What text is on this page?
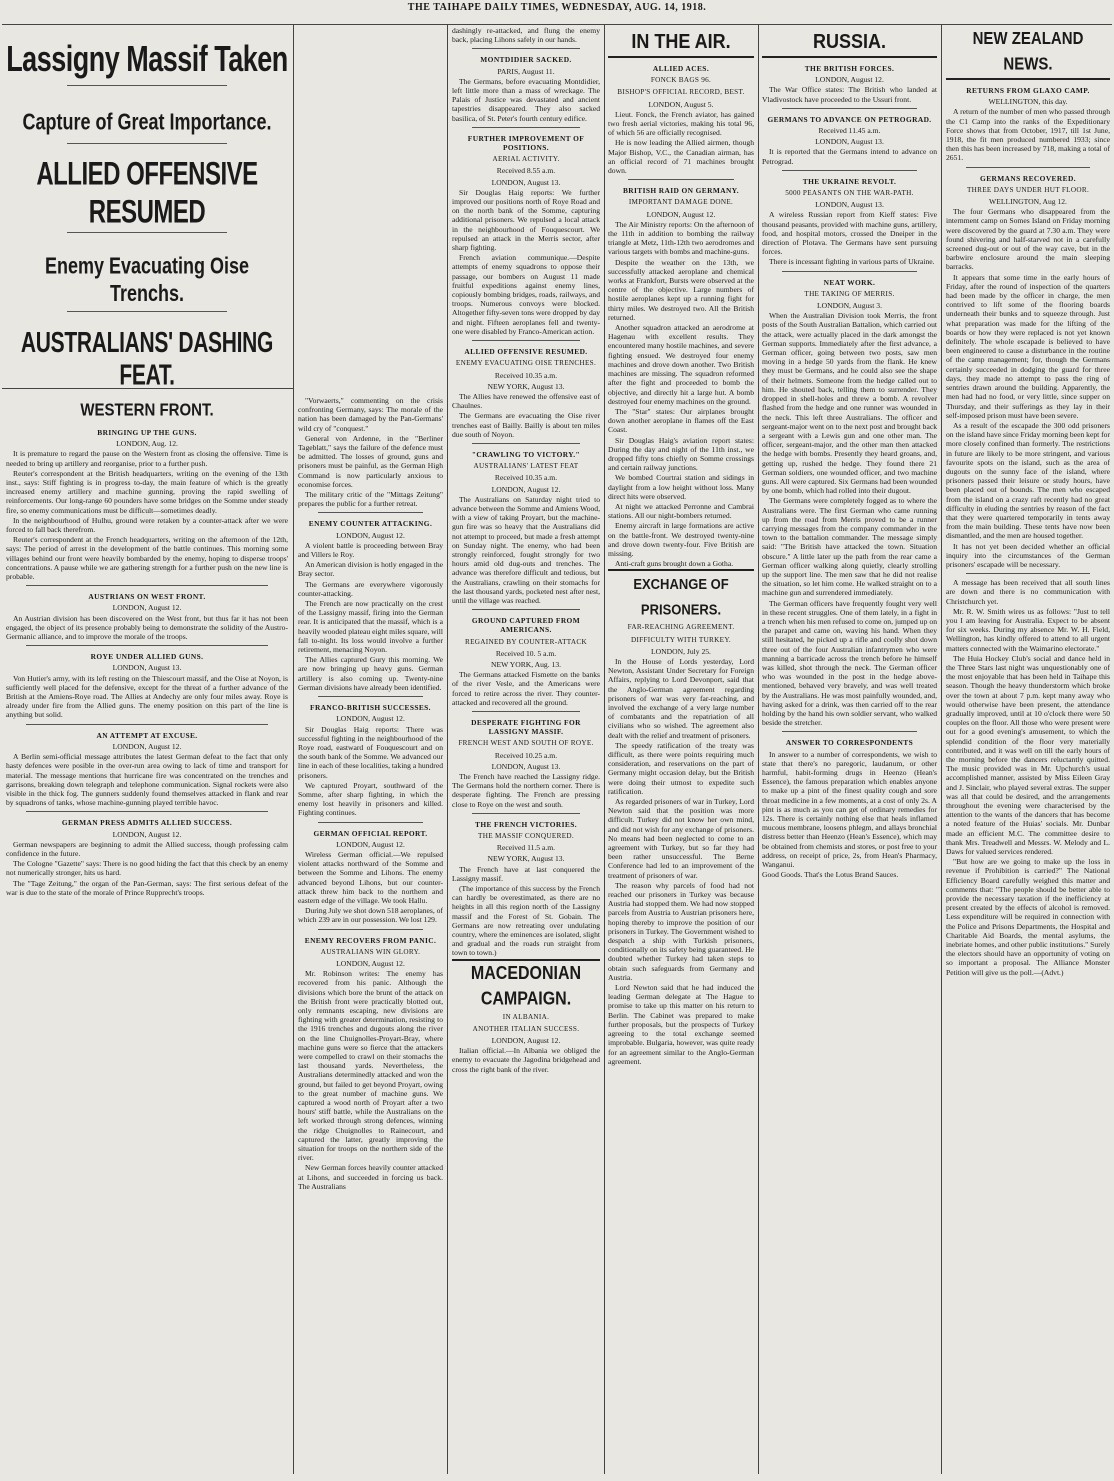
THE TAIHAPE DAILY TIMES, WEDNESDAY, AUG. 14, 1918.
Lassigny Massif Taken
Capture of Great Importance.
ALLIED OFFENSIVE RESUMED
Enemy Evacuating Oise Trenchs.
AUSTRALIANS' DASHING FEAT.
WESTERN FRONT.
BRINGING UP THE GUNS.

LONDON, Aug. 12.

It is premature to regard the pause on the Western front as closing the offensive. Time is needed to bring up artillery and reorganise, prior to a further push.

Reuter's correspondent at the British headquarters, writing on the evening of the 13th inst., says: Stiff fighting is in progress to-day, the main feature of which is the greatly increased enemy artillery and machine gunning, proving the rapid swelling of reinforcements. Our long-range 60 pounders have some bridges on the Somme under steady fire, so enemy communications must be difficult—sometimes deadly.

In the neighbourhood of Hulhu, ground were retaken by a counter-attack after we were forced to fall back therefrom.

Reuter's correspondent at the French headquarters, writing on the afternoon of the 12th, says: The period of arrest in the development of the battle continues. This morning some villages behind our front were heavily bombarded by the enemy, hoping to disperse troops' concentrations. A pause while we are gathering strength for a further push on the new line is probable.

AUSTRIANS ON WEST FRONT.

LONDON, August 12.

An Austrian division has been discovered on the West front, but thus far it has not been engaged, the object of its presence probably being to demonstrate the solidity of the Austro-Germanic alliance, and to improve the morale of the troops.

ROYE UNDER ALLIED GUNS.

LONDON, August 13.

Von Hutier's army, with its left resting on the Thiescourt massif, and the Oise at Noyon, is sufficiently well placed for the defensive, except for the threat of a further advance of the British at the Amiens-Roye road. The Allies at Andechy are only four miles away. Roye is already under fire from the Allied guns. The enemy position on this part of the line is anything but solid.

AN ATTEMPT AT EXCUSE.

LONDON, August 12.

A Berlin semi-official message attributes the latest German defeat to the fact that only hasty defences were posible in the over-run area owing to lack of time and transport for material. The message mentions that hurricane fire was concentrated on the trenches and garrisons, breaking down telegraph and telephone communication. Signal rockets were also visible in the thick fog. The gunners suddenly found themselves attacked in flank and rear by squadrons of tanks, whose machine-gunning played terrible havoc.

GERMAN PRESS ADMITS ALLIED SUCCESS.

LONDON, August 12.

German newspapers are beginning to admit the Allied success, though professing calm confidence in the future.

The Cologne "Gazette" says: There is no good hiding the fact that this check by an enemy not numerically stronger, hits us hard.

The "Tage Zeitung," the organ of the Pan-German, says: The first serious defeat of the war is due to the state of the morale of Prince Rupprecht's troops.

"Vorwaerts," commenting on the crisis confronting Germany, says: The morale of the nation has been damaged by the Pan-Germans' wild cry of "conquest."

General von Ardenne, in the "Berliner Tageblatt," says the failure of the defence must be admitted. The losses of ground, guns and prisoners must be painful, as the German High Command is now particularly anxious to economise forces.

The military critic of the "Mittags Zeitung" prepares the public for a further retreat.

ENEMY COUNTER ATTACKING.

LONDON, August 12.

A violent battle is proceeding between Bray and Villers le Roy.

An American division is hotly engaged in the Bray sector.

The Germans are everywhere vigorously counter-attacking.

The French are now practically on the crest of the Lassigny massif, firing into the German rear. It is anticipated that the massif, which is a heavily wooded plateau eight miles square, will fall to-night. Its loss would involve a further retirement, menacing Noyon.

The Allies captured Gury this morning. We are now bringing up heavy guns. German artillery is also coming up. Twenty-nine German divisions have already been identified.

FRANCO-BRITISH SUCCESSES.

LONDON, August 12.

Sir Douglas Haig reports: There was successful fighting in the neighbourhood of the Roye road, eastward of Fouquescourt and on the south bank of the Somme. We advanced our line in each of these localities, taking a hundred prisoners.

We captured Proyart, southward of the Somme, after sharp fighting, in which the enemy lost heavily in prisoners and killed. Fighting continues.

GERMAN OFFICIAL REPORT.

LONDON, August 12.

Wireless German official.—We repulsed violent attacks northward of the Somme and between the Somme and Lihons. The enemy advanced beyond Lihons, but our counter-attack threw him back to the northern and eastern edge of the village. We took Hallu.

During July we shot down 518 aeroplanes, of which 239 are in our possession. We lost 129.

ENEMY RECOVERS FROM PANIC.
AUSTRALIANS WIN GLORY.

LONDON, August 12.

Mr. Robinson writes: The enemy has recovered from his panic. Although the divisions which bore the brunt of the attack on the British front were practically blotted out, only remnants escaping, new divisions are fighting with greater determination, resisting to the 1916 trenches and dugouts along the river on the line Chuignolles-Proyart-Bray, where machine guns were so fierce that the attackers were compelled to crawl on their stomachs the last thousand yards. Nevertheless, the Australians determinedly attacked and won the ground, but failed to get beyond Proyart, owing to the great number of machine guns. We captured a wood north of Proyart after a two hours' stiff battle, while the Australians on the left worked through strong defences, winning the ridge Chuignolles to Rainecourt, and captured the latter, greatly improving the situation for troops on the northern side of the river.

New German forces heavily counter attacked at Lihons, and succeeded in forcing us back. The Australians

dashingly re-attacked, and flung the enemy back, placing Lihons safely in our hands.

MONTDIDIER SACKED.

PARIS, August 11.

The Germans, before evacuating Montdidier, left little more than a mass of wreckage. The Palais of Justice was devastated and ancient tapestries disappeared. They also sacked basilica, of St. Peter's fourth century edifice.

FURTHER IMPROVEMENT OF POSITIONS.
AERIAL ACTIVITY.

Received 8.55 a.m.

LONDON, August 13.

Sir Douglas Haig reports: We further improved our positions north of Roye Road and on the north bank of the Somme, capturing additional prisoners. We repulsed a local attack in the neighbourhood of Fouquescourt. We repulsed an attack in the Merris sector, after sharp fighting.

French aviation communique.—Despite attempts of enemy squadrons to oppose their passage, our bombers on August 11 made fruitful expeditions against enemy lines, copiously bombing bridges, roads, railways, and troops. Numerous convoys were blocked. Altogether fifty-seven tons were dropped by day and night. Fifteen aeroplanes fell and twenty-one were disabled by Franco-American action.

ALLIED OFFENSIVE RESUMED.
ENEMY EVACUATING OISE TRENCHES.

Received 10.35 a.m.

NEW YORK, August 13.

The Allies have renewed the offensive east of Chaulnes.

The Germans are evacuating the Oise river trenches east of Bailly. Bailly is about ten miles due south of Noyon.

"CRAWLING TO VICTORY."
AUSTRALIANS' LATEST FEAT

Received 10.35 a.m.

LONDON, August 12.

The Australians on Saturday night tried to advance between the Somme and Amiens Wood, with a view of taking Proyart, but the machine-gun fire was so heavy that the Australians did not attempt to proceed, but made a fresh attempt on Sunday night. The enemy, who had been strongly reinforced, fought strongly for two hours amid old dug-outs and trenches. The advance was therefore difficult and tedious, but the Australians, crawling on their stomachs for the last thousand yards, pocketed nest after nest, until the village was reached.

GROUND CAPTURED FROM AMERICANS.
REGAINED BY COUNTER-ATTACK

Received 10. 5 a.m.

NEW YORK, Aug. 13.

The Germans attacked Fismette on the banks of the river Vesle, and the Americans were forced to retire across the river. They counter-attacked and recovered all the ground.

DESPERATE FIGHTING FOR LASSIGNY MASSIF.
FRENCH WEST AND SOUTH OF ROYE.

Received 10.25 a.m.

LONDON, August 13.

The French have reached the Lassigny ridge. The Germans hold the northern corner. There is desperate fighting. The French are pressing close to Roye on the west and south.

THE FRENCH VICTORIES.
THE MASSIF CONQUERED.

Received 11.5 a.m.

NEW YORK, August 13.

The French have at last conquered the Lassigny massif.

(The importance of this success by the French can hardly be overestimated, as there are no heights in all this region north of the Lassigny massif and the Forest of St. Gobain. The Germans are now retreating over undulating country, where the eminences are isolated, slight and gradual and the roads run straight from town to town.)

MACEDONIAN CAMPAIGN.
IN ALBANIA.
ANOTHER ITALIAN SUCCESS.

LONDON, August 12.

Italian official.—In Albania we obliged the enemy to evacuate the Jagodina bridgehead and cross the right bank of the river.

NEW ZEALAND NEWS.
RETURNS FROM GLAXO CAMP.

WELLINGTON, this day.

A return of the number of men who passed through the C1 Camp into the ranks of the Expeditionary Force shows that from October, 1917, till 1st June, 1918, the fit men produced numbered 1933; since then this has been increased by 718, making a total of 2651.

GERMANS RECOVERED.
THREE DAYS UNDER HUT FLOOR.

WELLINGTON, Aug 12.

The four Germans who disappeared from the internment camp on Somes Island on Friday morning were discovered by the guard at 7.30 a.m. They were found shivering and half-starved not in a carefully screened dug-out or out of the way cave, but in the barbwire enclosure around the main sleeping barracks.

It appears that some time in the early hours of Friday, after the round of inspection of the quarters had been made by the officer in charge, the men contrived to lift some of the flooring boards underneath their bunks and to squeeze through. Just what preparation was made for the lifting of the boards or how they were replaced is not yet known definitely. The whole escapade is believed to have been engineered to cause a disturbance in the routine of the camp management; for, though the Germans certainly succeeded in dodging the guard for three days, they made no attempt to pass the ring of sentries drawn around the building. Apparently, the men had had no food, or very little, since supper on Thursday, and their sufferings as they lay in their self-imposed prison must have been severe.

As a result of the escapade the 300 odd prisoners on the island have since Friday morning been kept for more closely confined than formerly. The restrictions in future are likely to be more stringent, and various favourite spots on the island, such as the area of dugouts on the sunny face of the island, where prisoners passed their leisure or study hours, have been placed out of bounds. The men who escaped from the island on a crazy raft recently had no great difficulty in eluding the sentries by reason of the fact that they were quartered temporarily in tents away from the main building. These tents have now been dismantled, and the men are housed together.

It has not yet been decided whether an official inquiry into the circumstances of the German prisoners' escapade will be necessary.

A message has been received that all south lines are down and there is no communication with Christchurch yet.

Mr. R. W. Smith wires us as follows: "Just to tell you I am leaving for Australia. Expect to be absent for six weeks. During my absence Mr. W. H. Field, Wellington, has kindly offered to attend to all urgent matters connected with the Waimarino electorate."

The Huia Hockey Club's social and dance held in the Three Stars last night was unquestionably one of the most enjoyable that has been held in Taihape this season. Though the heavy thunderstorm which broke over the town at about 7 p.m. kept many away who would otherwise have been present, the attendance gradually improved, until at 10 o'clock there were 50 couples on the floor. All those who were present were out for a good evening's amusement, to which the splendid condition of the floor very materially contributed, and it was well on till the early hours of the morning before the dancers reluctantly quitted. The music provided was in Mr. Upchurch's usual accomplished manner, assisted by Miss Eileen Gray and J. Sinclair, who played several extras. The supper was all that could be desired, and the arrangements throughout the evening were characterised by the attention to the wants of the dancers that has become a noted feature of the Huias' socials. Mr. Dunbar made an efficient M.C. The committee desire to thank Mrs. Treadwell and Messrs. W. Melody and L. Daws for valued services rendered.

"But how are we going to make up the loss in revenue if Prohibition is carried?" The National Efficiency Board carefully weighed this matter and comments that: "The people should be better able to provide the necessary taxation if the inefficiency at present created by the effects of alcohol is removed. Less expenditure will be required in connection with the Police and Prisons Departments, the Hospital and Charitable Aid Boards, the mental asylums, the inebriate homes, and other public institutions." Surely the electors should have an opportunity of voting on so important a proposal. The Alliance Monster Petition will give us the poll.—(Advt.)

RUSSIA.
THE BRITISH FORCES.

LONDON, August 12.

The War Office states: The British who landed at Vladivostock have proceeded to the Ussuri front.

GERMANS TO ADVANCE ON PETROGRAD.

Received 11.45 a.m.

LONDON, August 13.

It is reported that the Germans intend to advance on Petrograd.

THE UKRAINE REVOLT.
5000 PEASANTS ON THE WAR-PATH.

LONDON, August 13.

A wireless Russian report from Kieff states: Five thousand peasants, provided with machine guns, artillery, food, and hospital motors, crossed the Dneiper in the direction of Plotava. The Germans have sent pursuing forces.

There is incessant fighting in various parts of Ukraine.

NEAT WORK.
THE TAKING OF MERRIS.

LONDON, August 3.

When the Australian Division took Merris, the front posts of the South Australian Battalion, which carried out the attack, were actually placed in the dark amongst the German supports. Immediately after the first advance, a German officer, going between two posts, saw men moving in a hedge 50 yards from the flank. He knew they must be Germans, and he could also see the shape of their helmets. Someone from the hedge called out to him. He shouted back, telling them to surrender. They dropped in shell-holes and threw a bomb. A revolver flashed from the hedge and one runner was wounded in the neck. This left three Australians. The officer and sergeant-major went on to the next post and brought back a sergeant with a Lewis gun and one other man. The officer, sergeant-major, and the other man then attacked the hedge with bombs. Presently they heard groans, and, getting up, rushed the hedge. They found there 21 German soldiers, one wounded officer, and two machine guns. All were captured. Six Germans had been wounded by one bomb, which had rolled into their dugout.

The Germans were completely fogged as to where the Australians were. The first German who came running up from the road from Merris proved to be a runner carrying messages from the company commander in the town to the battalion commander. The message simply said: "The British have attacked the town. Situation obscure." A little later up the path from the rear came a German officer walking along quietly, clearly strolling up the support line. The men saw that he did not realise the situation, so let him come. He walked straight on to a machine gun and surrendered immediately.

The German officers have frequently fought very well in these recent struggles. One of them lately, in a fight in a trench when his men refused to come on, jumped up on the parapet and came on, waving his hand. When they still hesitated, he picked up a rifle and coolly shot down three out of the four Australian infantrymen who were manning a barricade across the trench before he himself was killed, shot through the neck. The German officer who was wounded in the post in the hedge above-mentioned, behaved very bravely, and was well treated by the Australians. He was most painfully wounded, and, having asked for a drink, was then carried off to the rear holding by the hand his own soldier servant, who walked beside the stretcher.

ANSWER TO CORRESPONDENTS

In answer to a number of correspondents, we wish to state that there's no paregoric, laudanum, or other harmful, habit-forming drugs in Heenzo (Hean's Essence), the famous preparation which enables anyone to make up a pint of the finest quality cough and sore throat medicine in a few moments, at a cost of only 2s. A pint is as much as you can get of ordinary remedies for 12s. There is certainly nothing else that heals inflamed mucous membrane, loosens phlegm, and allays bronchial distress better than Heenzo (Hean's Essence), which may be obtained from chemists and stores, or post free to your address, on receipt of price, 2s, from Hean's Pharmacy, Wanganui.

Good Goods. That's the Lotus Brand Sauces.

IN THE AIR.
ALLIED ACES.
FONCK BAGS 96.
BISHOP'S OFFICIAL RECORD, BEST.

LONDON, August 5.

Lieut. Fonck, the French aviator, has gained two fresh aerial victories, making his total 96, of which 56 are officially recognised.

He is now leading the Allied airmen, though Major Bishop, V.C., the Canadian airman, has an official record of 71 machines brought down.

BRITISH RAID ON GERMANY.
IMPORTANT DAMAGE DONE.

LONDON, August 12.

The Air Ministry reports: On the afternoon of the 11th in addition to bombing the railway triangle at Metz, 11th-12th two aerodromes and various targets with bombs and machine-guns.

Despite the weather on the 13th, we successfully attacked aeroplane and chemical works at Frankfort, Bursts were observed at the centre of the objective. Large numbers of hostile aeroplanes kept up a running fight for thirty miles. We destroyed two. All the British returned.

Another squadron attacked an aerodrome at Hagenau with excellent results. They encountered many hostile machines, and severe fighting ensued. We destroyed four enemy machines and drove down another. Two British machines are missing. The squadron reformed after the fight and proceeded to bomb the objective, and directly hit a large hut. A bomb destroyed four enemy machines on the ground.

The "Star" states: Our airplanes brought down another aeroplane in flames off the East Coast.

Sir Douglas Haig's aviation report states: During the day and night of the 11th inst., we dropped fifty tons chiefly on Somme crossings and certain railway junctions.

We bombed Courtrai station and sidings in daylight from a low height without loss. Many direct hits were observed.

At night we attacked Perronne and Cambrai stations. All our night-bombers returned.

Enemy aircraft in large formations are active on the battle-front. We destroyed twenty-nine and drove down twenty-four. Five British are missing.

Anti-craft guns brought down a Gotha.

EXCHANGE OF PRISONERS.
FAR-REACHING AGREEMENT.
DIFFICULTY WITH TURKEY.

LONDON, July 25.

In the House of Lords yesterday, Lord Newton, Assistant Under Secretary for Foreign Affairs, replying to Lord Devonport, said that the Anglo-German agreement regarding prisoners of war was very far-reaching, and involved the exchange of a very large number of combatants and the repatriation of all civilians who so wished. The agreement also dealt with the relief and treatment of prisoners.

The speedy ratification of the treaty was difficult, as there were points requiring much consideration, and reservations on the part of Germany might occasion delay, but the British were doing their utmost to expedite such ratification.

As regarded prisoners of war in Turkey, Lord Newton said that the position was more difficult. Turkey did not know her own mind, and did not wish for any exchange of prisoners. No means had been neglected to come to an agreement with Turkey, but so far they had been rather unsuccessful. The Berne Conference had led to an improvement of the treatment of prisoners of war.

The reason why parcels of food had not reached our prisoners in Turkey was because Austria had stopped them. We had now stopped parcels from Austria to Austrian prisoners here, hoping thereby to improve the position of our prisoners in Turkey. The Government wished to despatch a ship with Turkish prisoners, conditionally on its safety being guaranteed. He doubted whether Turkey had taken steps to obtain such safeguards from Germany and Austria.

Lord Newton said that he had induced the leading German delegate at The Hague to promise to take up this matter on his return to Berlin. The Cabinet was prepared to make further proposals, but the prospects of Turkey agreeing to the total exchange seemed improbable. Bulgaria, however, was quite ready for an agreement similar to the Anglo-German agreement.
